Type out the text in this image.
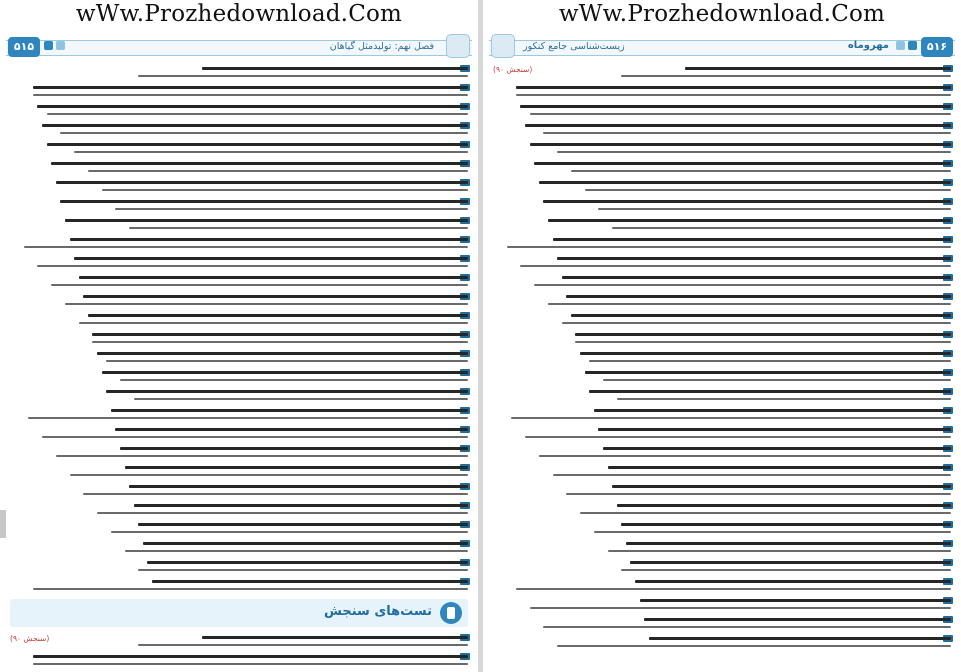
wWw.Prozhedownload.Com
۵۱۵	فصل نهم: تولیدمثل گیاهان
تست‌های سنجش
(سنجش ۹۰)
wWw.Prozhedownload.Com
زیست‌شناسی جامع کنکور	مهروماه	۵۱۶
(سنجش ۹۰)
